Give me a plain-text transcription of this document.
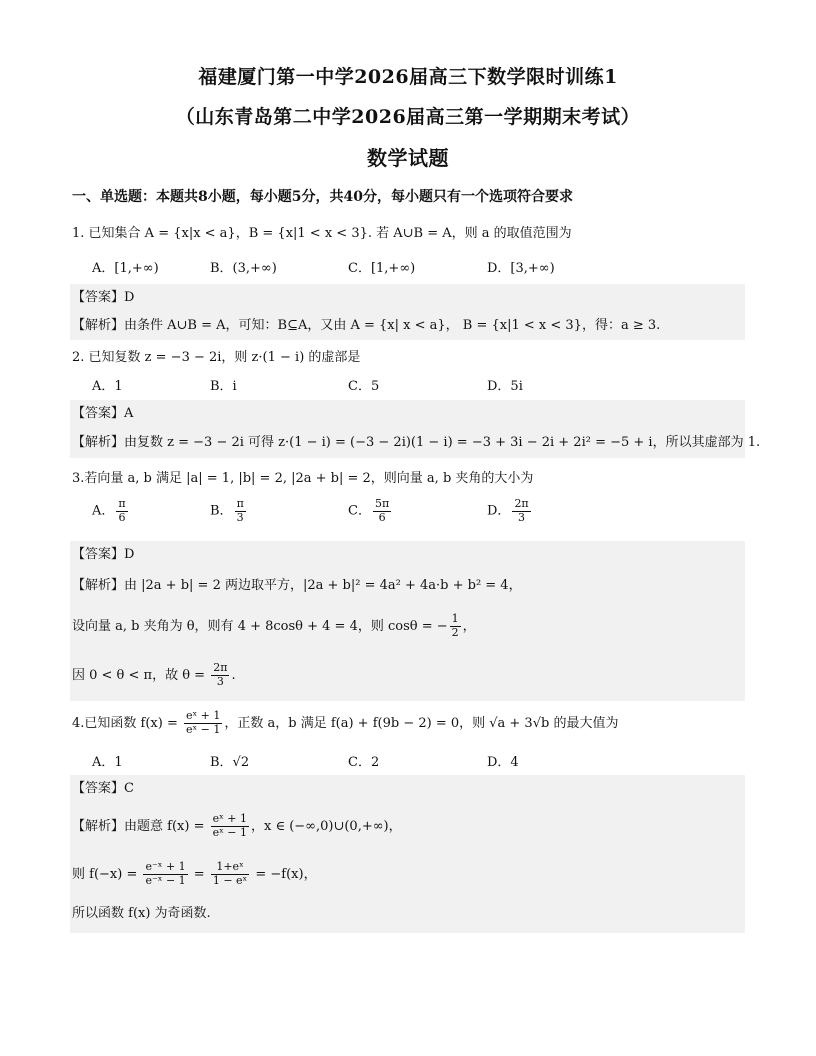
福建厦门第一中学2026届高三下数学限时训练1
（山东青岛第二中学2026届高三第一学期期末考试）
数学试题
一、单选题：本题共8小题，每小题5分，共40分，每小题只有一个选项符合要求
1. 已知集合 A = {x|x < a}，B = {x|1 < x < 3}. 若 A∪B = A，则 a 的取值范围为
A．[1,+∞)	B．(3,+∞)	C．[1,+∞)	D．[3,+∞)
【答案】D
【解析】由条件 A∪B = A，可知：B⊆A，又由 A = {x| x < a}， B = {x|1 < x < 3}，得：a ≥ 3.
2. 已知复数 z = −3 − 2i，则 z·(1 − i) 的虚部是
A．1	B．i	C．5	D．5i
【答案】A
【解析】由复数 z = −3 − 2i 可得 z·(1 − i) = (−3 − 2i)(1 − i) = −3 + 3i − 2i + 2i² = −5 + i，所以其虚部为 1.
3.若向量 a, b 满足 |a| = 1, |b| = 2, |2a + b| = 2，则向量 a, b 夹角的大小为
A． $\frac{\pi}{6}$	B． $\frac{\pi}{3}$	C． $\frac{5\pi}{6}$	D． $\frac{2\pi}{3}$
【答案】D
【解析】由 |2a + b| = 2 两边取平方，|2a + b|² = 4a² + 4a·b + b² = 4，
设向量 a, b 夹角为 θ，则有 4 + 8cosθ + 4 = 4，则 cosθ = − $\frac{1}{2}$ ，
因 0 < θ < π，故 $\theta = \frac{2\pi}{3}$ .
4.已知函数 $f(x) = \frac{\text{eˣ + 1}}{\text{eˣ − 1}}$ ，正数 a，b 满足 f(a) + f(9b − 2) = 0，则 √a + 3√b 的最大值为
A．1	B．√2	C．2	D．4
【答案】C
【解析】由题意 $f(x) = \frac{\text{eˣ + 1}}{\text{eˣ − 1}}$ ，x ∈ (−∞,0)∪(0,+∞)，
则 $f(-x) = \frac{\text{e⁻ˣ + 1}}{\text{e⁻ˣ − 1}} = \frac{\text{1+eˣ}}{\text{1 − eˣ}} = -f(x)$，
所以函数 f(x) 为奇函数.
